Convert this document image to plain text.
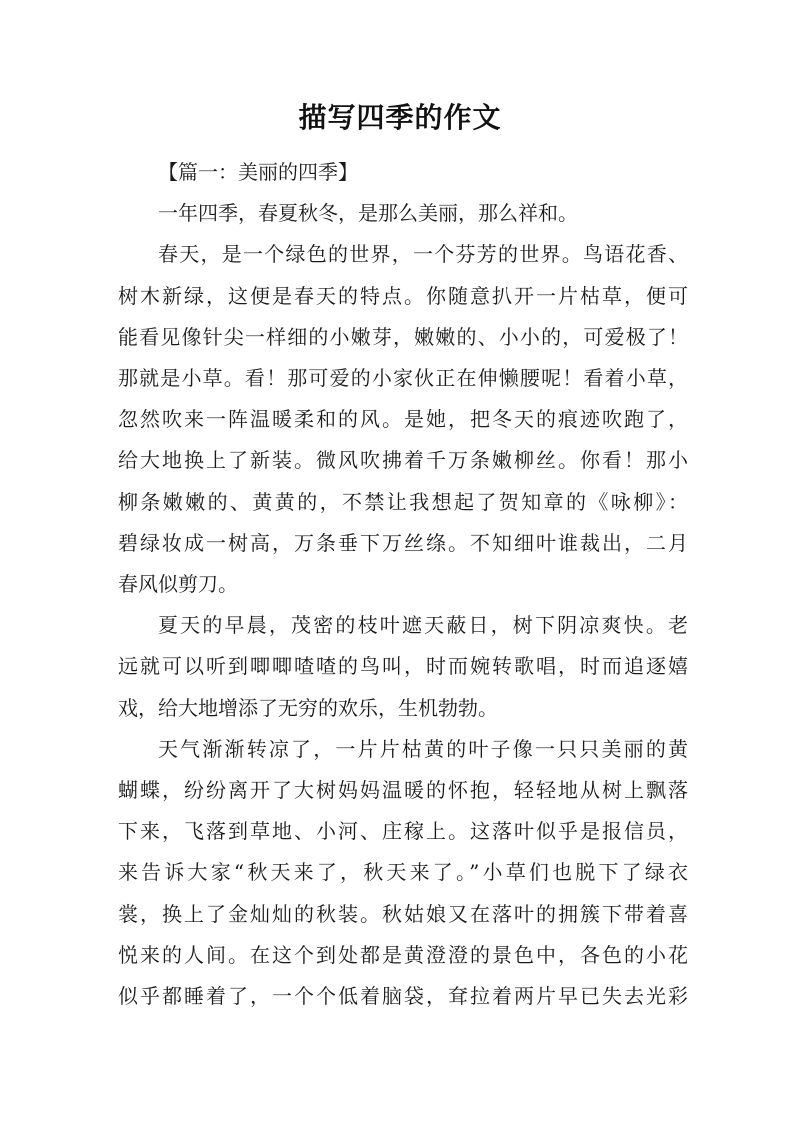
描写四季的作文
【篇一：美丽的四季】
一年四季，春夏秋冬，是那么美丽，那么祥和。
春天，是一个绿色的世界，一个芬芳的世界。鸟语花香、
树木新绿，这便是春天的特点。你随意扒开一片枯草，便可
能看见像针尖一样细的小嫩芽，嫩嫩的、小小的，可爱极了！
那就是小草。看！那可爱的小家伙正在伸懒腰呢！看着小草，
忽然吹来一阵温暖柔和的风。是她，把冬天的痕迹吹跑了，
给大地换上了新装。微风吹拂着千万条嫩柳丝。你看！那小
柳条嫩嫩的、黄黄的，不禁让我想起了贺知章的《咏柳》：
碧绿妆成一树高，万条垂下万丝绦。不知细叶谁裁出，二月
春风似剪刀。
夏天的早晨，茂密的枝叶遮天蔽日，树下阴凉爽快。老
远就可以听到唧唧喳喳的鸟叫，时而婉转歌唱，时而追逐嬉
戏，给大地增添了无穷的欢乐，生机勃勃。
天气渐渐转凉了，一片片枯黄的叶子像一只只美丽的黄
蝴蝶，纷纷离开了大树妈妈温暖的怀抱，轻轻地从树上飘落
下来，飞落到草地、小河、庄稼上。这落叶似乎是报信员，
来告诉大家“秋天来了，秋天来了。”小草们也脱下了绿衣
裳，换上了金灿灿的秋装。秋姑娘又在落叶的拥簇下带着喜
悦来的人间。在这个到处都是黄澄澄的景色中，各色的小花
似乎都睡着了，一个个低着脑袋，耷拉着两片早已失去光彩
